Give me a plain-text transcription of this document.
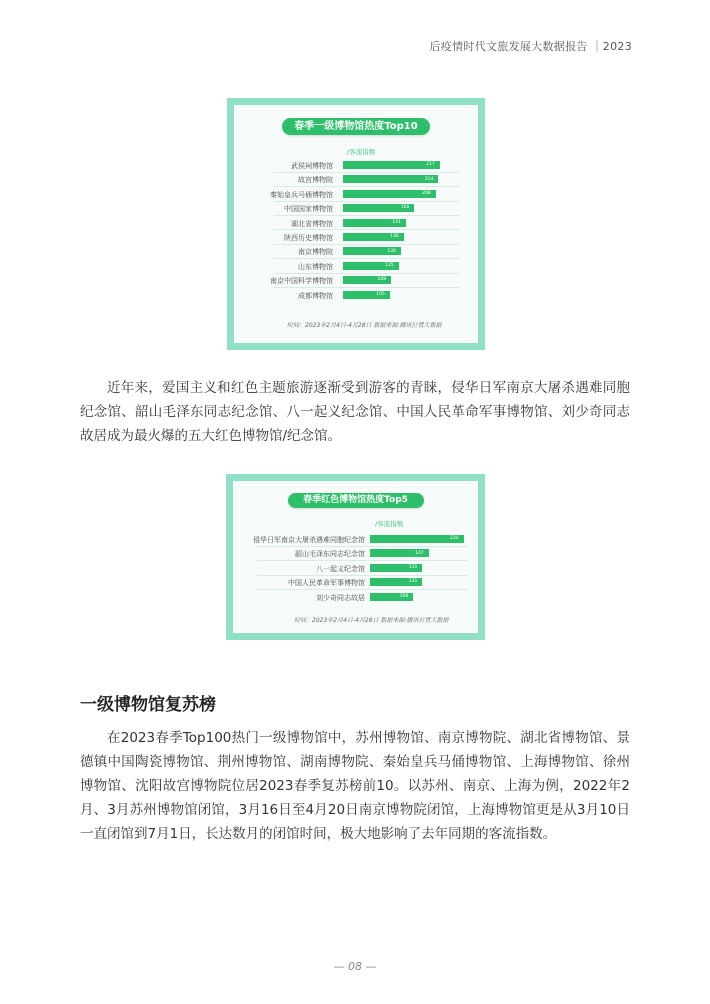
后疫情时代文旅发展大数据报告 ｜2023
春季一级博物馆热度Top10
/客流指数
武侯祠博物馆	217
故宫博物院	214
秦始皇兵马俑博物馆	208
中国国家博物馆	160
湖北省博物馆	141
陕西历史博物馆	136
南京博物院	130
山东博物馆	125
南京中国科学博物馆	108
成都博物馆	105
时间：2023年2月4日-4月28日 数据来源:腾讯位置大数据

近年来，爱国主义和红色主题旅游逐渐受到游客的青睐，侵华日军南京大屠杀遇难同胞纪念馆、韶山毛泽东同志纪念馆、八一起义纪念馆、中国人民革命军事博物馆、刘少奇同志故居成为最火爆的五大红色博物馆/纪念馆。

春季红色博物馆热度Top5
/客流指数
侵华日军南京大屠杀遇难同胞纪念馆	234
韶山毛泽东同志纪念馆	147
八一起义纪念馆	131
中国人民革命军事博物馆	131
刘少奇同志故居	108
时间：2023年2月4日-4月28日 数据来源:腾讯位置大数据
一级博物馆复苏榜

在2023春季Top100热门一级博物馆中，苏州博物馆、南京博物院、湖北省博物馆、景德镇中国陶瓷博物馆、荆州博物馆、湖南博物院、秦始皇兵马俑博物馆、上海博物馆、徐州博物馆、沈阳故宫博物院位居2023春季复苏榜前10。以苏州、南京、上海为例，2022年2月、3月苏州博物馆闭馆，3月16日至4月20日南京博物院闭馆，上海博物馆更是从3月10日一直闭馆到7月1日，长达数月的闭馆时间，极大地影响了去年同期的客流指数。

— 08 —
